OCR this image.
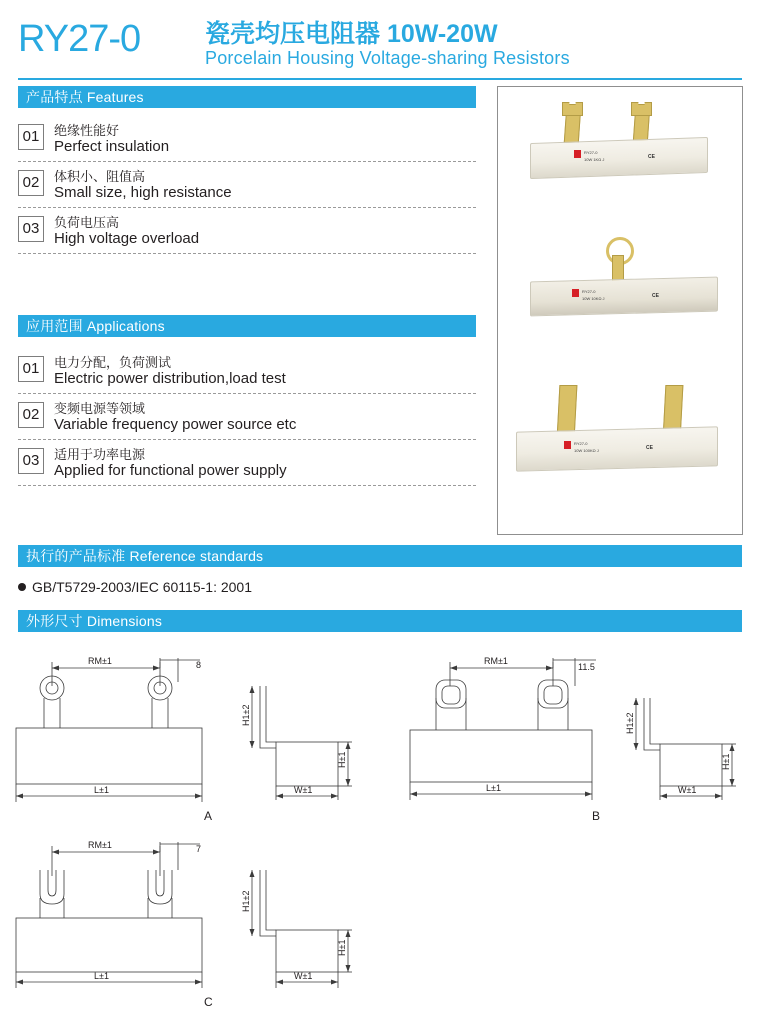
RY27-0	瓷壳均压电阻器 10W-20W
Porcelain Housing Voltage-sharing Resistors
产品特点 Features
01	绝缘性能好
Perfect insulation
02	体积小、阻值高
Small size, high resistance
03	负荷电压高
High voltage overload
应用范围 Applications
01	电力分配，负荷测试
Electric power distribution,load test
02	变频电源等领域
Variable frequency power source etc
03	适用于功率电源
Applied for functional power supply
RY27-0
10W 1KΩ J	CE
RY27-0
10W 10KΩ J	CE
RY27-0
10W 100KΩ J	CE
执行的产品标准 Reference standards
GB/T5729-2003/IEC 60115-1: 2001
外形尺寸 Dimensions
RM±1	8
L±1
A
H1±2
H±1
W±1
RM±1
11.5
L±1
B
H1±2
H±1
W±1
RM±1	7
L±1
C
H1±2
H±1
W±1
